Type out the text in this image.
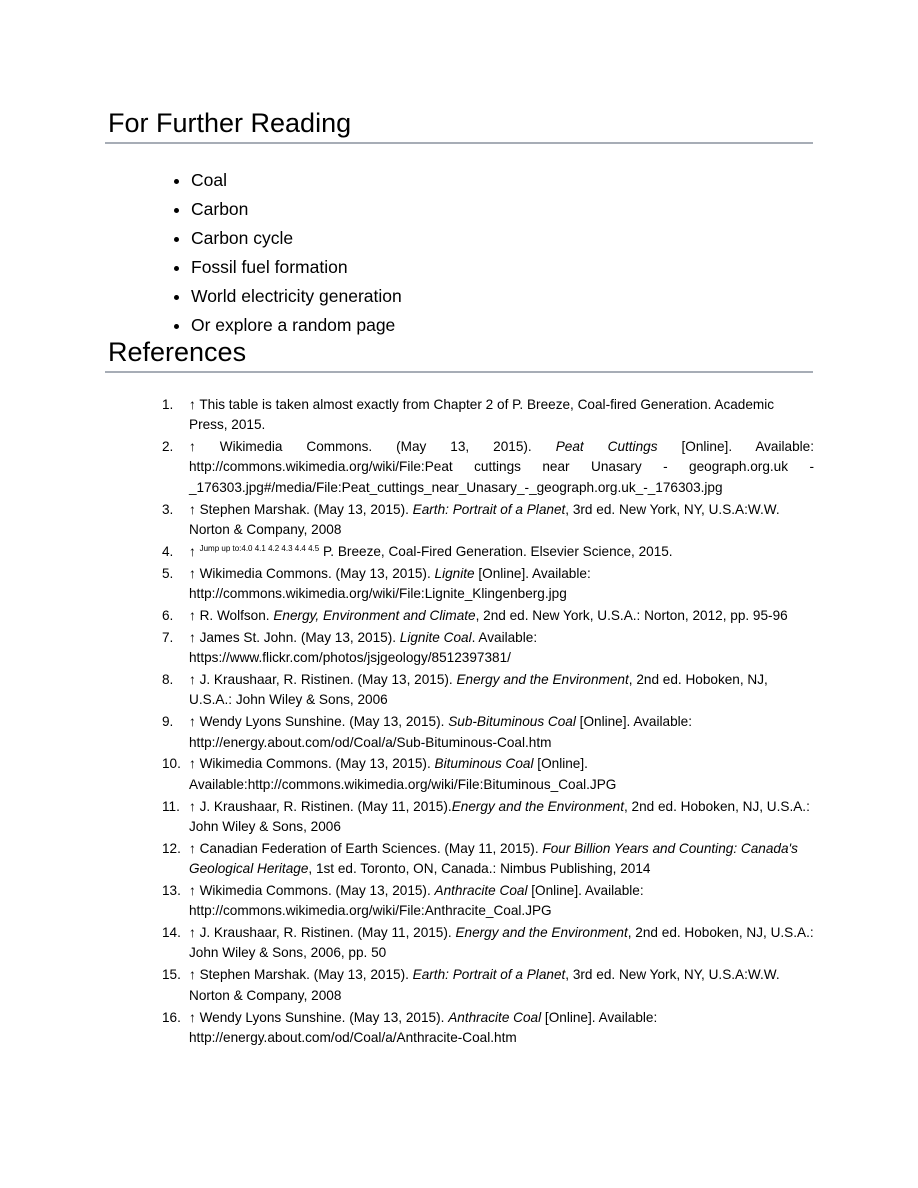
For Further Reading
• Coal
• Carbon
• Carbon cycle
• Fossil fuel formation
• World electricity generation
• Or explore a random page
References
1.	↑ This table is taken almost exactly from Chapter 2 of P. Breeze, Coal-fired Generation. Academic Press, 2015.
2.	↑ Wikimedia Commons. (May 13, 2015). Peat Cuttings [Online]. Available: http://commons.wikimedia.org/wiki/File:Peat cuttings near Unasary - geograph.org.uk - _176303.jpg#/media/File:Peat_cuttings_near_Unasary_-_geograph.org.uk_-_176303.jpg
3.	↑ Stephen Marshak. (May 13, 2015). Earth: Portrait of a Planet, 3rd ed. New York, NY, U.S.A:W.W. Norton & Company, 2008
4.	↑ $^{Jump up to:4.0 4.1 4.2 4.3 4.4 4.5}$ P. Breeze, Coal-Fired Generation. Elsevier Science, 2015.
5.	↑ Wikimedia Commons. (May 13, 2015). Lignite [Online]. Available: http://commons.wikimedia.org/wiki/File:Lignite_Klingenberg.jpg
6.	↑ R. Wolfson. Energy, Environment and Climate, 2nd ed. New York, U.S.A.: Norton, 2012, pp. 95-96
7.	↑ James St. John. (May 13, 2015). Lignite Coal. Available: https://www.flickr.com/photos/jsjgeology/8512397381/
8.	↑ J. Kraushaar, R. Ristinen. (May 13, 2015). Energy and the Environment, 2nd ed. Hoboken, NJ, U.S.A.: John Wiley & Sons, 2006
9.	↑ Wendy Lyons Sunshine. (May 13, 2015). Sub-Bituminous Coal [Online]. Available: http://energy.about.com/od/Coal/a/Sub-Bituminous-Coal.htm
10. ↑ Wikimedia Commons. (May 13, 2015). Bituminous Coal [Online]. Available:http://commons.wikimedia.org/wiki/File:Bituminous_Coal.JPG
11. ↑ J. Kraushaar, R. Ristinen. (May 11, 2015).Energy and the Environment, 2nd ed. Hoboken, NJ, U.S.A.: John Wiley & Sons, 2006
12. ↑ Canadian Federation of Earth Sciences. (May 11, 2015). Four Billion Years and Counting: Canada's Geological Heritage, 1st ed. Toronto, ON, Canada.: Nimbus Publishing, 2014
13. ↑ Wikimedia Commons. (May 13, 2015). Anthracite Coal [Online]. Available: http://commons.wikimedia.org/wiki/File:Anthracite_Coal.JPG
14. ↑ J. Kraushaar, R. Ristinen. (May 11, 2015). Energy and the Environment, 2nd ed. Hoboken, NJ, U.S.A.: John Wiley & Sons, 2006, pp. 50
15. ↑ Stephen Marshak. (May 13, 2015). Earth: Portrait of a Planet, 3rd ed. New York, NY, U.S.A:W.W. Norton & Company, 2008
16. ↑ Wendy Lyons Sunshine. (May 13, 2015). Anthracite Coal [Online]. Available: http://energy.about.com/od/Coal/a/Anthracite-Coal.htm
